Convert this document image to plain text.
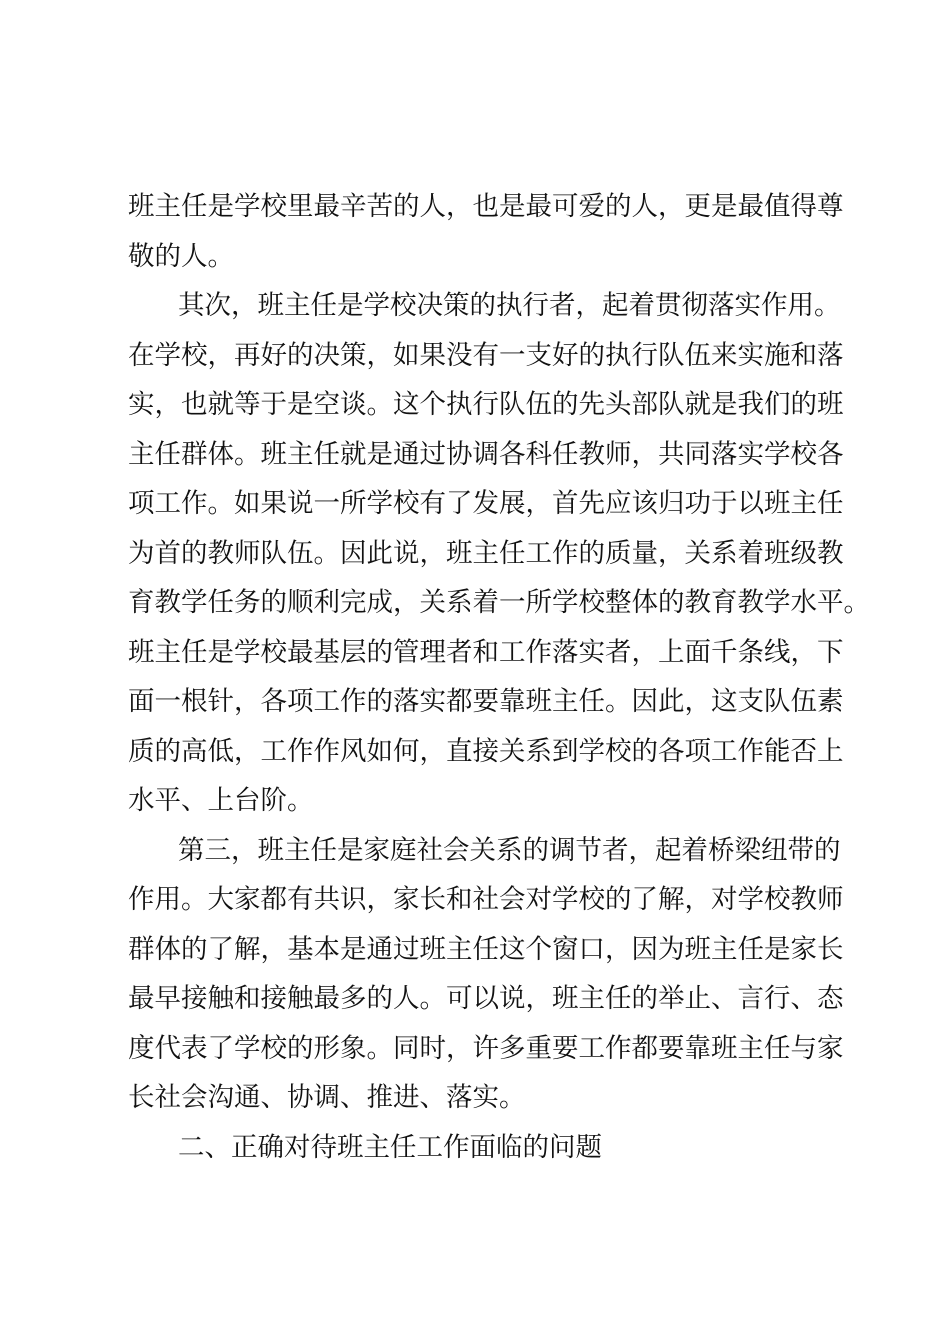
班主任是学校里最辛苦的人，也是最可爱的人，更是最值得尊
敬的人。
其次，班主任是学校决策的执行者，起着贯彻落实作用。
在学校，再好的决策，如果没有一支好的执行队伍来实施和落
实，也就等于是空谈。这个执行队伍的先头部队就是我们的班
主任群体。班主任就是通过协调各科任教师，共同落实学校各
项工作。如果说一所学校有了发展，首先应该归功于以班主任
为首的教师队伍。因此说，班主任工作的质量，关系着班级教
育教学任务的顺利完成，关系着一所学校整体的教育教学水平。
班主任是学校最基层的管理者和工作落实者，上面千条线，下
面一根针，各项工作的落实都要靠班主任。因此，这支队伍素
质的高低，工作作风如何，直接关系到学校的各项工作能否上
水平、上台阶。
第三，班主任是家庭社会关系的调节者，起着桥梁纽带的
作用。大家都有共识，家长和社会对学校的了解，对学校教师
群体的了解，基本是通过班主任这个窗口，因为班主任是家长
最早接触和接触最多的人。可以说，班主任的举止、言行、态
度代表了学校的形象。同时，许多重要工作都要靠班主任与家
长社会沟通、协调、推进、落实。
二、正确对待班主任工作面临的问题
